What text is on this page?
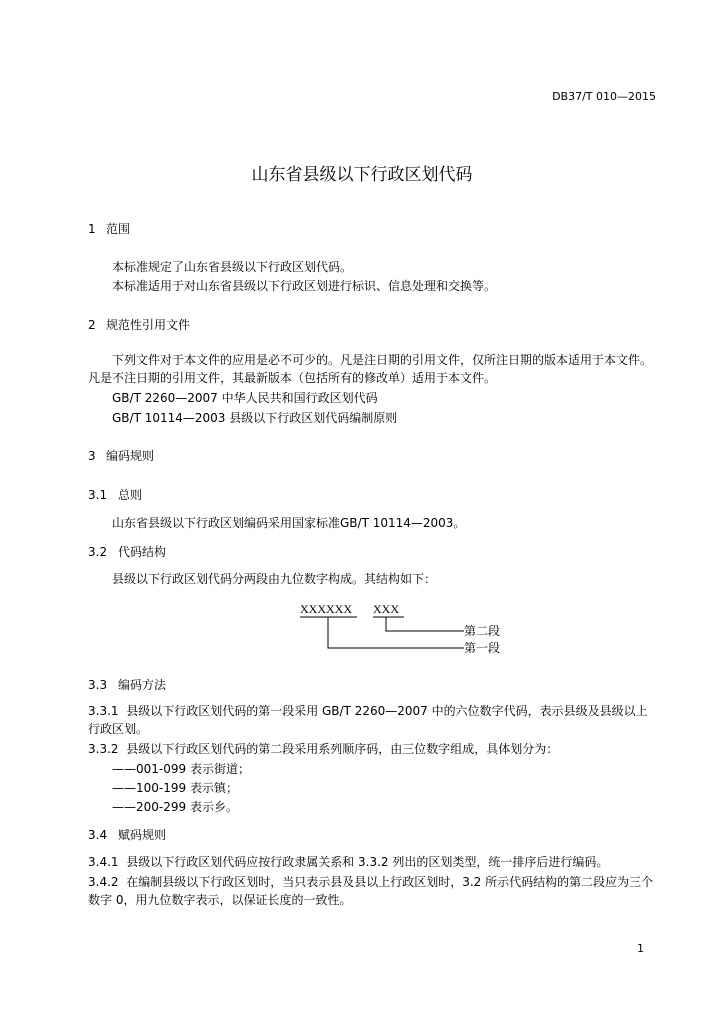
DB37/T 010—2015
山东省县级以下行政区划代码
1 范围
本标准规定了山东省县级以下行政区划代码。
本标准适用于对山东省县级以下行政区划进行标识、信息处理和交换等。
2 规范性引用文件
下列文件对于本文件的应用是必不可少的。凡是注日期的引用文件，仅所注日期的版本适用于本文件。凡是不注日期的引用文件，其最新版本（包括所有的修改单）适用于本文件。
GB/T 2260—2007 中华人民共和国行政区划代码
GB/T 10114—2003 县级以下行政区划代码编制原则
3 编码规则
3.1 总则
山东省县级以下行政区划编码采用国家标准GB/T 10114—2003。
3.2 代码结构
县级以下行政区划代码分两段由九位数字构成。其结构如下：
XXXXXX XXX
第二段
第一段
3.3 编码方法
3.3.1 县级以下行政区划代码的第一段采用 GB/T 2260—2007 中的六位数字代码，表示县级及县级以上行政区划。
3.3.2 县级以下行政区划代码的第二段采用系列顺序码，由三位数字组成，具体划分为：
——001-099 表示街道；
——100-199 表示镇；
——200-299 表示乡。
3.4 赋码规则
3.4.1 县级以下行政区划代码应按行政隶属关系和 3.3.2 列出的区划类型，统一排序后进行编码。
3.4.2 在编制县级以下行政区划时，当只表示县及县以上行政区划时，3.2 所示代码结构的第二段应为三个数字 0，用九位数字表示，以保证长度的一致性。
1
